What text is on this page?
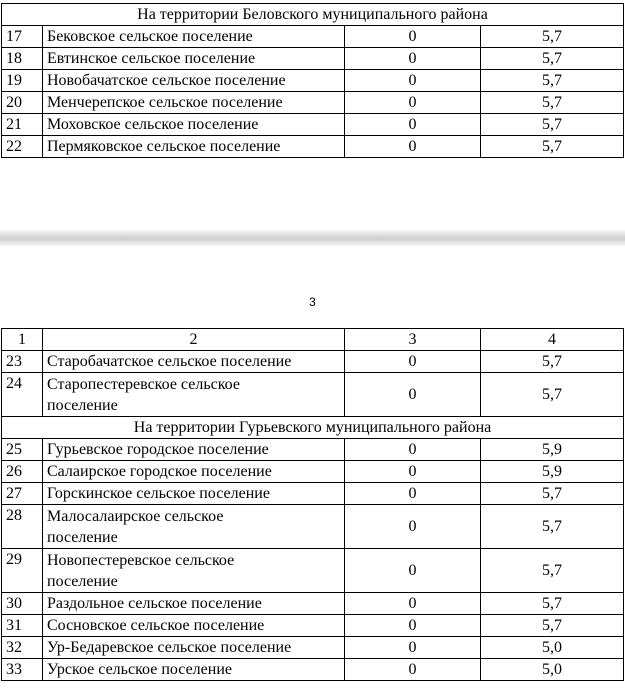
На территории Беловского муниципального района			
17	Бековское сельское поселение	0	5,7
18	Евтинское сельское поселение	0	5,7
19	Новобачатское сельское поселение	0	5,7
20	Менчерепское сельское поселение	0	5,7
21	Моховское сельское поселение	0	5,7
22	Пермяковское сельское поселение	0	5,7
3
1	2	3	4
23	Старобачатское сельское поселение	0	5,7
24	Старопестеревское сельское
поселение	0	5,7
На территории Гурьевского муниципального района			
25	Гурьевское городское поселение	0	5,9
26	Салаирское городское поселение	0	5,9
27	Горскинское сельское поселение	0	5,7
28	Малосалаирское сельское
поселение	0	5,7
29	Новопестеревское сельское
поселение	0	5,7
30	Раздольное сельское поселение	0	5,7
31	Сосновское сельское поселение	0	5,7
32	Ур-Бедаревское сельское поселение	0	5,0
33	Урское сельское поселение	0	5,0
